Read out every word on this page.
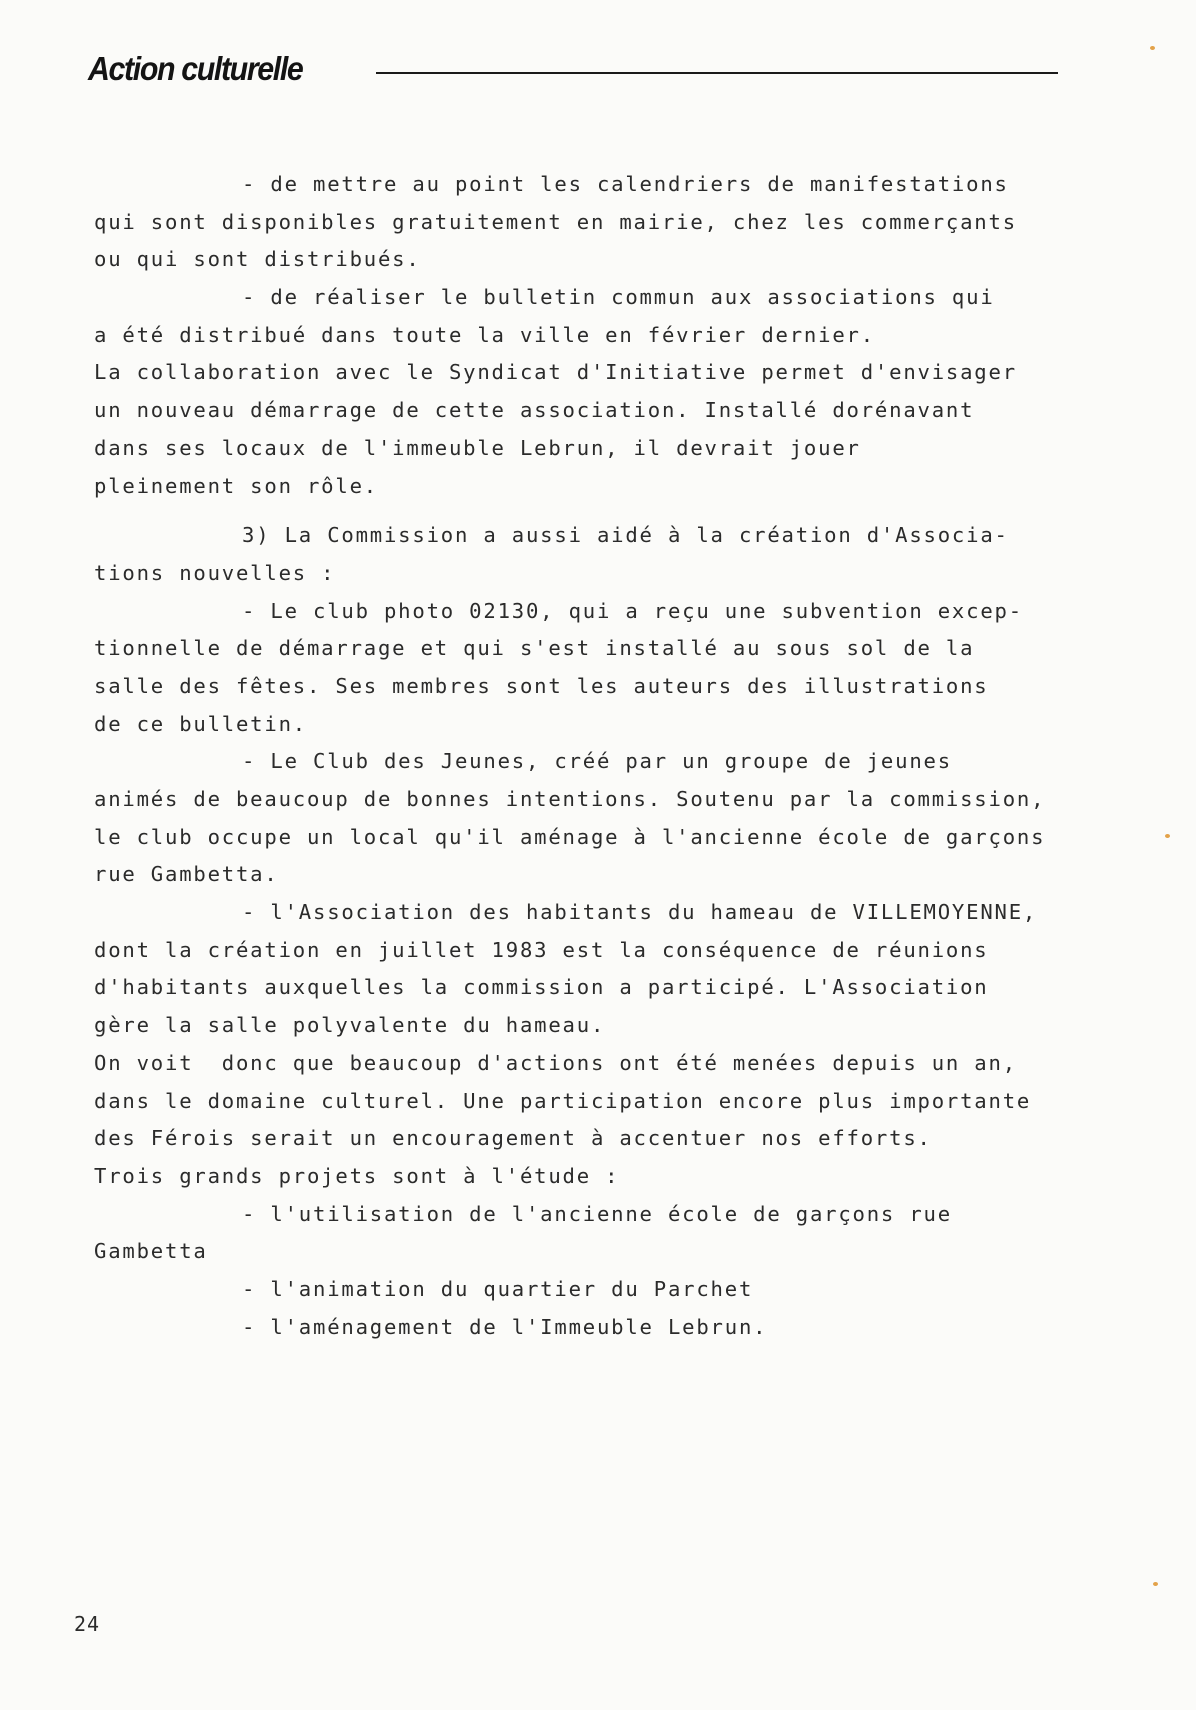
Action culturelle
- de mettre au point les calendriers de manifestations
qui sont disponibles gratuitement en mairie, chez les commerçants
ou qui sont distribués.
- de réaliser le bulletin commun aux associations qui
a été distribué dans toute la ville en février dernier.
La collaboration avec le Syndicat d'Initiative permet d'envisager
un nouveau démarrage de cette association. Installé dorénavant
dans ses locaux de l'immeuble Lebrun, il devrait jouer
pleinement son rôle.
3) La Commission a aussi aidé à la création d'Associa-
tions nouvelles :
- Le club photo 02130, qui a reçu une subvention excep-
tionnelle de démarrage et qui s'est installé au sous sol de la
salle des fêtes. Ses membres sont les auteurs des illustrations
de ce bulletin.
- Le Club des Jeunes, créé par un groupe de jeunes
animés de beaucoup de bonnes intentions. Soutenu par la commission,
le club occupe un local qu'il aménage à l'ancienne école de garçons
rue Gambetta.
- l'Association des habitants du hameau de VILLEMOYENNE,
dont la création en juillet 1983 est la conséquence de réunions
d'habitants auxquelles la commission a participé. L'Association
gère la salle polyvalente du hameau.
On voit  donc que beaucoup d'actions ont été menées depuis un an,
dans le domaine culturel. Une participation encore plus importante
des Férois serait un encouragement à accentuer nos efforts.
Trois grands projets sont à l'étude :
- l'utilisation de l'ancienne école de garçons rue
Gambetta
- l'animation du quartier du Parchet
- l'aménagement de l'Immeuble Lebrun.
24
